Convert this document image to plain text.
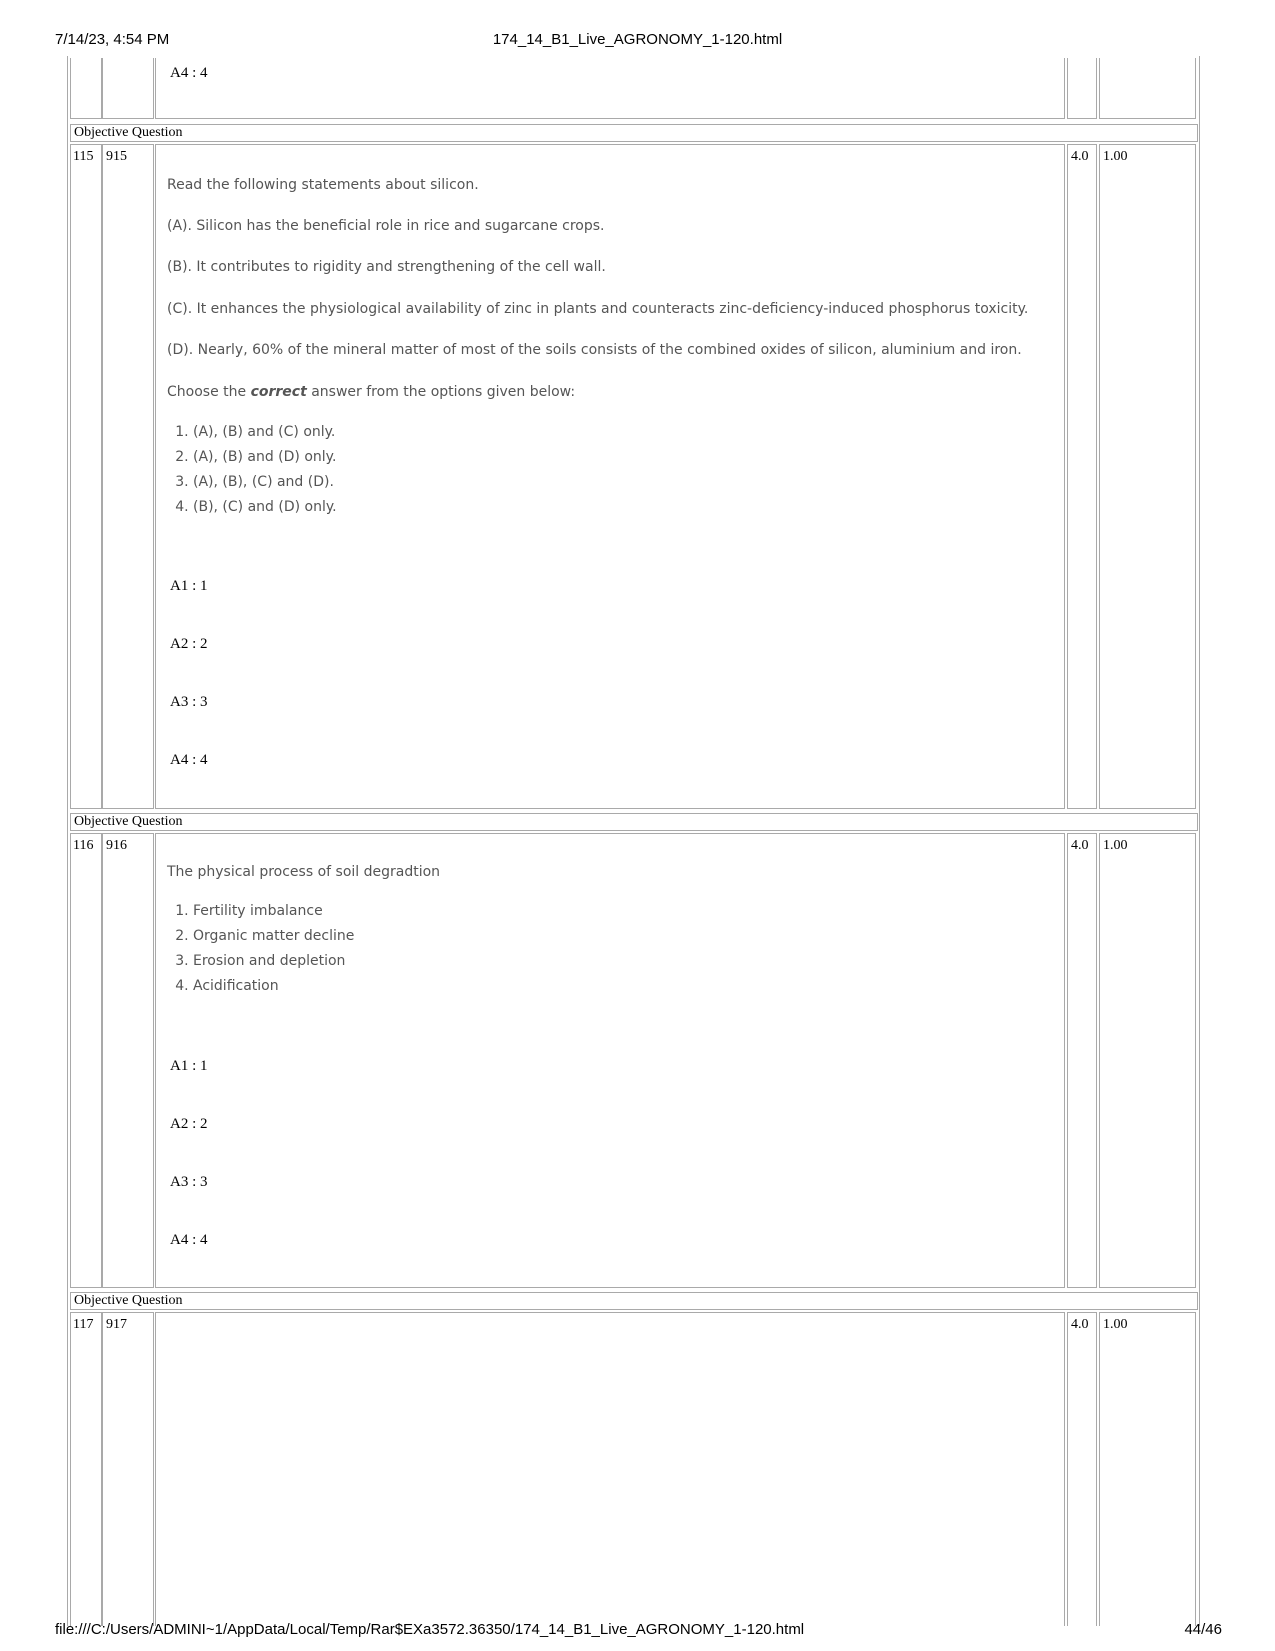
7/14/23, 4:54 PM	174_14_B1_Live_AGRONOMY_1-120.html
A4 : 4
Objective Question
115 915	4.0 1.00

Read the following statements about silicon.

(A). Silicon has the beneficial role in rice and sugarcane crops.

(B). It contributes to rigidity and strengthening of the cell wall.

(C). It enhances the physiological availability of zinc in plants and counteracts zinc-deficiency-induced phosphorus toxicity.

(D). Nearly, 60% of the mineral matter of most of the soils consists of the combined oxides of silicon, aluminium and iron.

Choose the correct answer from the options given below:

1. (A), (B) and (C) only.
2. (A), (B) and (D) only.
3. (A), (B), (C) and (D).
4. (B), (C) and (D) only.
A1 : 1
A2 : 2
A3 : 3
A4 : 4
Objective Question
116 916	4.0 1.00

The physical process of soil degradtion

1. Fertility imbalance
2. Organic matter decline
3. Erosion and depletion
4. Acidification
A1 : 1
A2 : 2
A3 : 3
A4 : 4
Objective Question
117 917	4.0 1.00
file:///C:/Users/ADMINI~1/AppData/Local/Temp/Rar$EXa3572.36350/174_14_B1_Live_AGRONOMY_1-120.html	44/46
